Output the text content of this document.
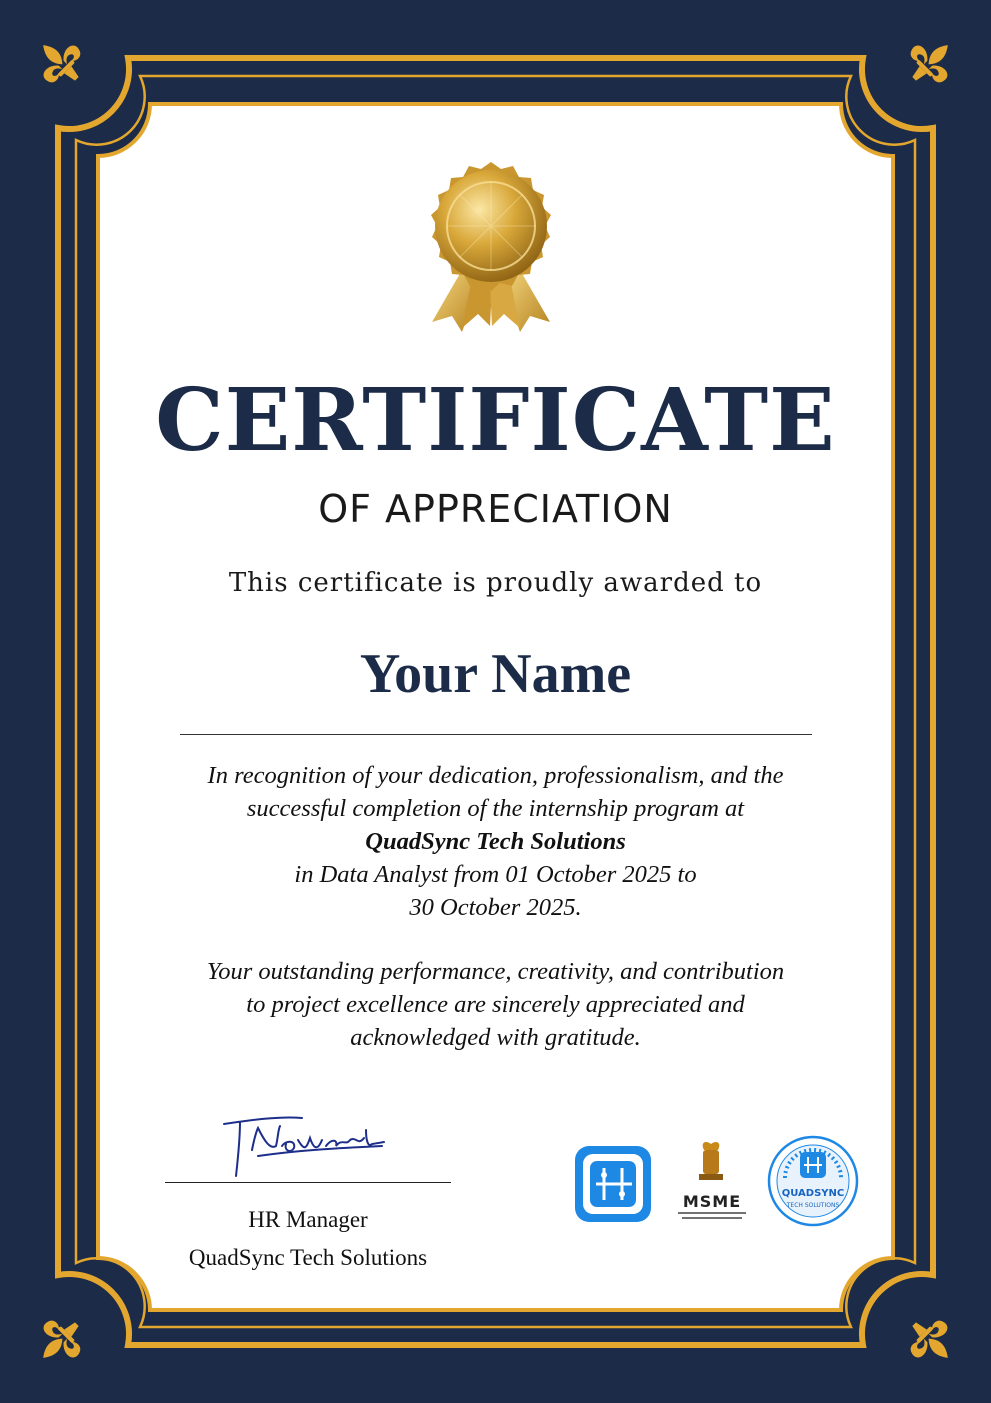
MSME	QUADSYNC
TECH SOLUTIONS
CERTIFICATE
OF APPRECIATION
This certificate is proudly awarded to
Your Name
In recognition of your dedication, professionalism, and the
successful completion of the internship program at
QuadSync Tech Solutions
in Data Analyst from 01 October 2025 to
30 October 2025.
Your outstanding performance, creativity, and contribution
to project excellence are sincerely appreciated and
acknowledged with gratitude.
HR Manager
QuadSync Tech Solutions
